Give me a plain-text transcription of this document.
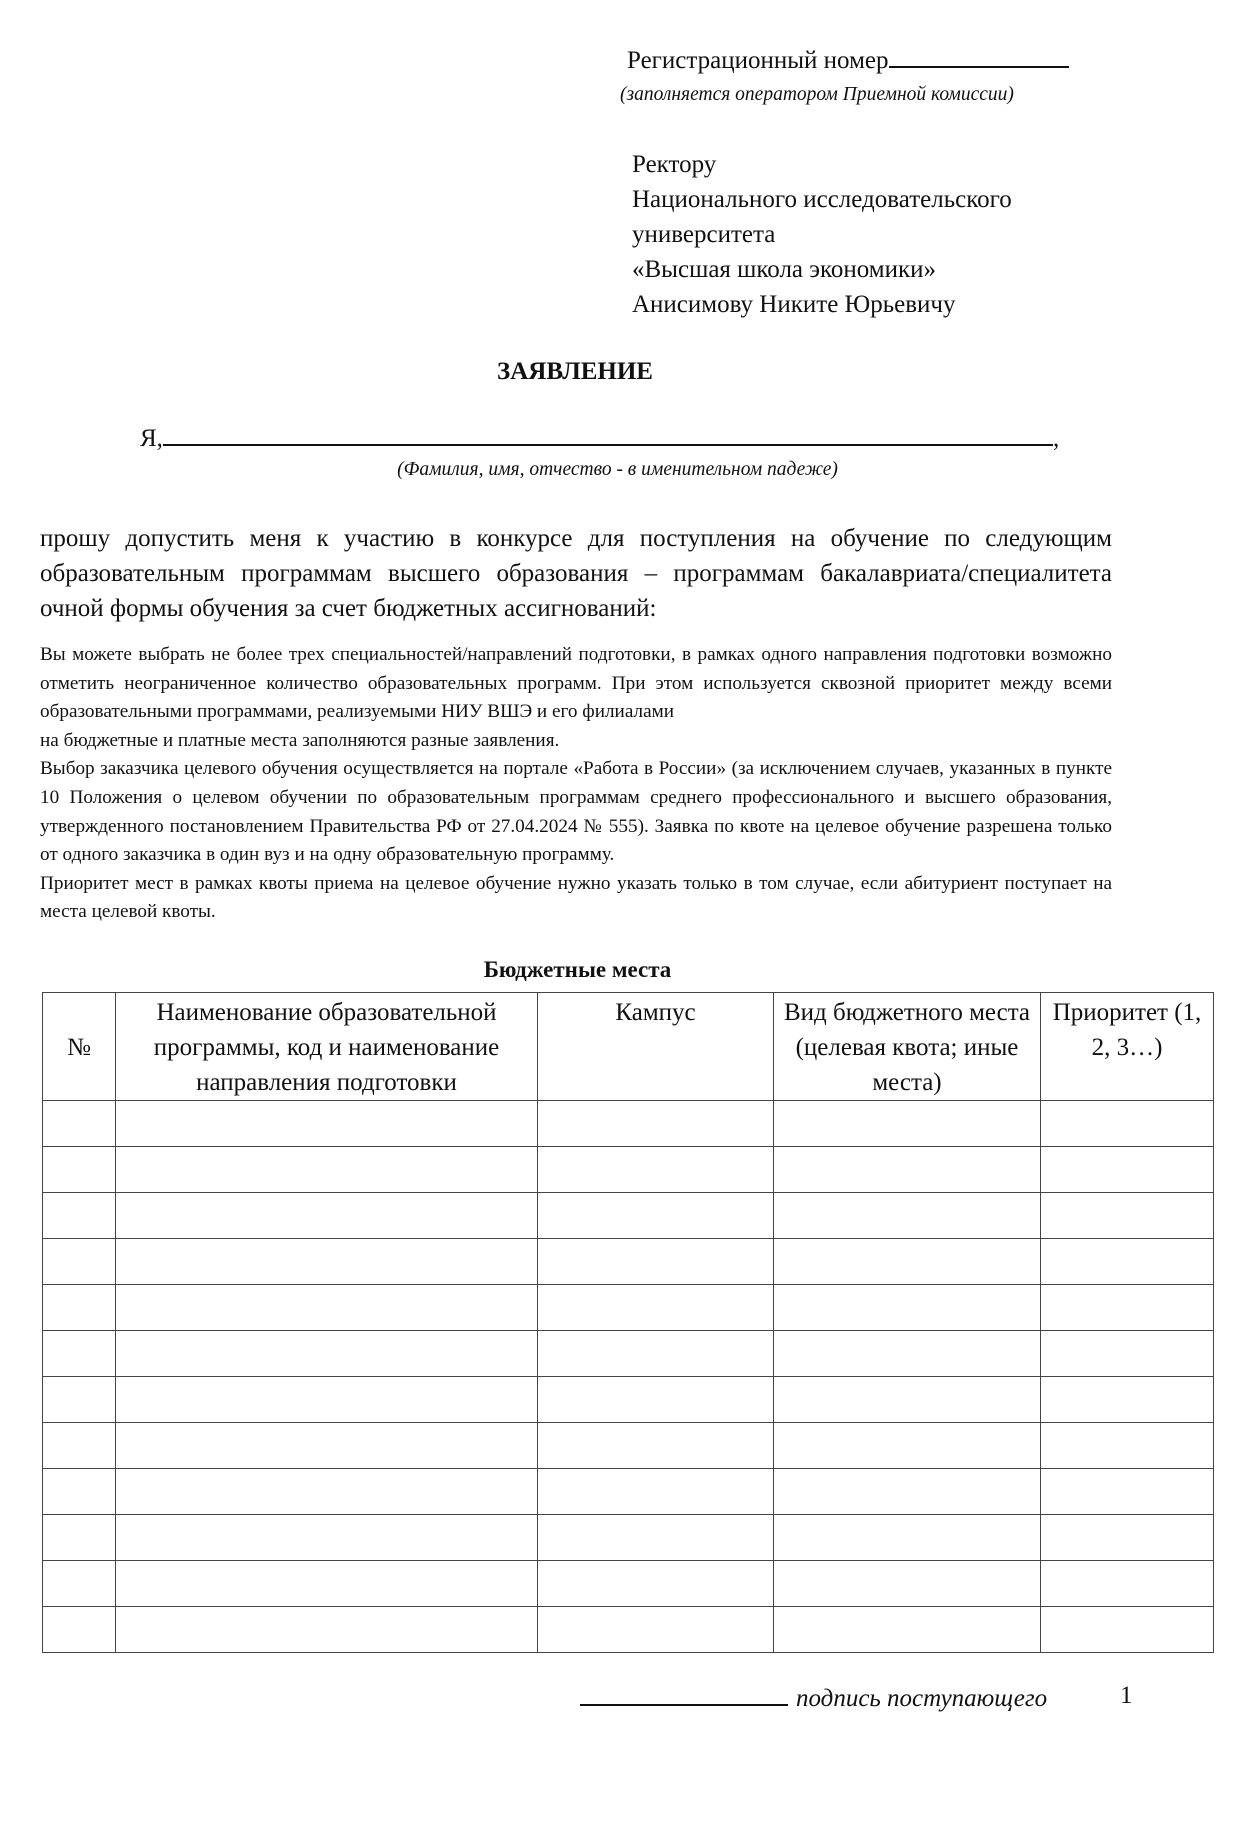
Регистрационный номер
(заполняется оператором Приемной комиссии)
Ректору
Национального исследовательского
университета
«Высшая школа экономики»
Анисимову Никите Юрьевичу
ЗАЯВЛЕНИЕ
Я,	,
(Фамилия, имя, отчество - в именительном падеже)
прошу допустить меня к участию в конкурсе для поступления на обучение по следующим образовательным программам высшего образования – программам бакалавриата/специалитета очной формы обучения за счет бюджетных ассигнований:

Вы можете выбрать не более трех специальностей/направлений подготовки, в рамках одного направления подготовки возможно отметить неограниченное количество образовательных программ. При этом используется сквозной приоритет между всеми образовательными программами, реализуемыми НИУ ВШЭ и его филиалами

на бюджетные и платные места заполняются разные заявления.

Выбор заказчика целевого обучения осуществляется на портале «Работа в России» (за исключением случаев, указанных в пункте 10 Положения о целевом обучении по образовательным программам среднего профессионального и высшего образования, утвержденного постановлением Правительства РФ от 27.04.2024 № 555). Заявка по квоте на целевое обучение разрешена только от одного заказчика в один вуз и на одну образовательную программу.

Приоритет мест в рамках квоты приема на целевое обучение нужно указать только в том случае, если абитуриент поступает на места целевой квоты.

Бюджетные места
№	Наименование образовательной программы, код и наименование направления подготовки	Кампус	Вид бюджетного места (целевая квота; иные места)	Приоритет (1, 2, 3…)

подпись поступающего	1
